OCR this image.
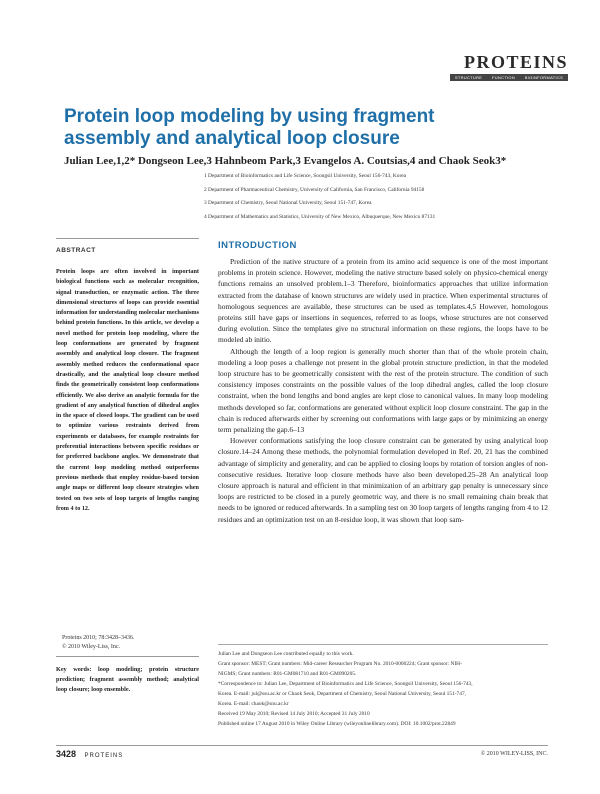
PROTEINS
STRUCTURE FUNCTION BIOINFORMATICS
Protein loop modeling by using fragment assembly and analytical loop closure
Julian Lee,1,2* Dongseon Lee,3 Hahnbeom Park,3 Evangelos A. Coutsias,4 and Chaok Seok3*
1 Department of Bioinformatics and Life Science, Soongsil University, Seoul 156-743, Korea
2 Department of Pharmaceutical Chemistry, University of California, San Francisco, California 94158
3 Department of Chemistry, Seoul National University, Seoul 151-747, Korea
4 Department of Mathematics and Statistics, University of New Mexico, Albuquerque, New Mexico 87131
ABSTRACT
Protein loops are often involved in important biological functions such as molecular recognition, signal transduction, or enzymatic action. The three dimensional structures of loops can provide essential information for understanding molecular mechanisms behind protein functions. In this article, we develop a novel method for protein loop modeling, where the loop conformations are generated by fragment assembly and analytical loop closure. The fragment assembly method reduces the conformational space drastically, and the analytical loop closure method finds the geometrically consistent loop conformations efficiently. We also derive an analytic formula for the gradient of any analytical function of dihedral angles in the space of closed loops. The gradient can be used to optimize various restraints derived from experiments or databases, for example restraints for preferential interactions between specific residues or for preferred backbone angles. We demonstrate that the current loop modeling method outperforms previous methods that employ residue-based torsion angle maps or different loop closure strategies when tested on two sets of loop targets of lengths ranging from 4 to 12.
Proteins 2010; 78:3428–3436.
© 2010 Wiley-Liss, Inc.
Key words: loop modeling; protein structure prediction; fragment assembly method; analytical loop closure; loop ensemble.
INTRODUCTION

Prediction of the native structure of a protein from its amino acid sequence is one of the most important problems in protein science. However, modeling the native structure based solely on physico-chemical energy functions remains an unsolved problem.1–3 Therefore, bioinformatics approaches that utilize information extracted from the database of known structures are widely used in practice. When experimental structures of homologous sequences are available, these structures can be used as templates.4,5 However, homologous proteins still have gaps or insertions in sequences, referred to as loops, whose structures are not conserved during evolution. Since the templates give no structural information on these regions, the loops have to be modeled ab initio.

Although the length of a loop region is generally much shorter than that of the whole protein chain, modeling a loop poses a challenge not present in the global protein structure prediction, in that the modeled loop structure has to be geometrically consistent with the rest of the protein structure. The condition of such consistency imposes constraints on the possible values of the loop dihedral angles, called the loop closure constraint, when the bond lengths and bond angles are kept close to canonical values. In many loop modeling methods developed so far, conformations are generated without explicit loop closure constraint. The gap in the chain is reduced afterwards either by screening out conformations with large gaps or by minimizing an energy term penalizing the gap.6–13

However conformations satisfying the loop closure constraint can be generated by using analytical loop closure.14–24 Among these methods, the polynomial formulation developed in Ref. 20, 21 has the combined advantage of simplicity and generality, and can be applied to closing loops by rotation of torsion angles of non-consecutive residues. Iterative loop closure methods have also been developed.25–28 An analytical loop closure approach is natural and efficient in that minimization of an arbitrary gap penalty is unnecessary since loops are restricted to be closed in a purely geometric way, and there is no small remaining chain break that needs to be ignored or reduced afterwards. In a sampling test on 30 loop targets of lengths ranging from 4 to 12 residues and an optimization test on an 8-residue loop, it was shown that loop sam-

Julian Lee and Dongseon Lee contributed equally to this work.
Grant sponsor: MEST; Grant numbers: Mid-career Researcher Program No. 2010-0000224; Grant sponsor: NIH-
NIGMS; Grant numbers: R01-GM081710 and R01-GM090205.
*Correspondence to: Julian Lee, Department of Bioinformatics and Life Science, Soongsil University, Seoul 156-743,
Korea. E-mail: jul@ssu.ac.kr or Chaok Seok, Department of Chemistry, Seoul National University, Seoul 151-747,
Korea. E-mail: chaok@snu.ac.kr
Received 19 May 2010; Revised 14 July 2010; Accepted 31 July 2010
Published online 17 August 2010 in Wiley Online Library (wileyonlinelibrary.com). DOI: 10.1002/prot.22849
3428 PROTEINS	© 2010 WILEY-LISS, INC.
